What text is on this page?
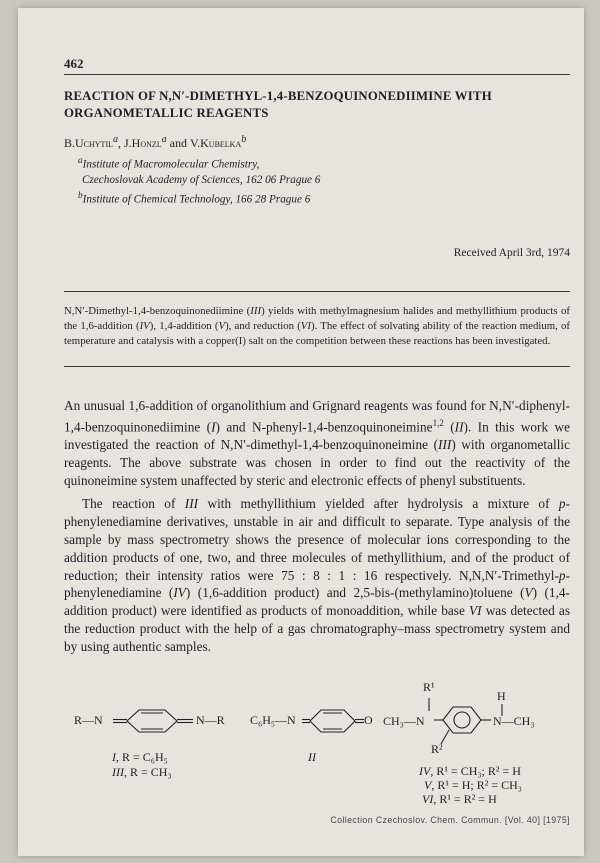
462
REACTION OF N,N′-DIMETHYL-1,4-BENZOQUINONEDIIMINE WITH ORGANOMETALLIC REAGENTS
B.Uchytil$^a$, J.Honzl$^a$ and V.Kubelka$^b$
$^a$Institute of Macromolecular Chemistry,
Czechoslovak Academy of Sciences, 162 06 Prague 6
$^b$Institute of Chemical Technology, 166 28 Prague 6
Received April 3rd, 1974
N,N′-Dimethyl-1,4-benzoquinonediimine (III) yields with methylmagnesium halides and methyllithium products of the 1,6-addition (IV), 1,4-addition (V), and reduction (VI). The effect of solvating ability of the reaction medium, of temperature and catalysis with a copper(I) salt on the competition between these reactions has been investigated.

An unusual 1,6-addition of organolithium and Grignard reagents was found for N,N′-diphenyl-1,4-benzoquinonediimine (I) and N-phenyl-1,4-benzoquinoneimine$^{1,2}$ (II). In this work we investigated the reaction of N,N′-dimethyl-1,4-benzoquinoneimine (III) with organometallic reagents. The above substrate was chosen in order to find out the reactivity of the quinoneimine system unaffected by steric and electronic effects of phenyl substituents.

The reaction of III with methyllithium yielded after hydrolysis a mixture of p-phenylenediamine derivatives, unstable in air and difficult to separate. Type analysis of the sample by mass spectrometry shows the presence of molecular ions corresponding to the addition products of one, two, and three molecules of methyllithium, and of the product of reduction; their intensity ratios were 75 : 8 : 1 : 16 respectively. N,N,N′-Trimethyl-p-phenylenediamine (IV) (1,6-addition product) and 2,5-bis-(methylamino)toluene (V) (1,4-addition product) were identified as products of monoaddition, while base VI was detected as the reduction product with the help of a gas chromatography–mass spectrometry system and by using authentic samples.

R—N	N—R
I, R = C₆H₅
III, R = CH₃
C₆H₅—N	O
II
R¹
H
CH₃—N	N—CH₃
R²
IV, R¹ = CH₃; R² = H
V, R¹ = H; R² = CH₃
VI, R¹ = R² = H
Collection Czechoslov. Chem. Commun. [Vol. 40] [1975]
